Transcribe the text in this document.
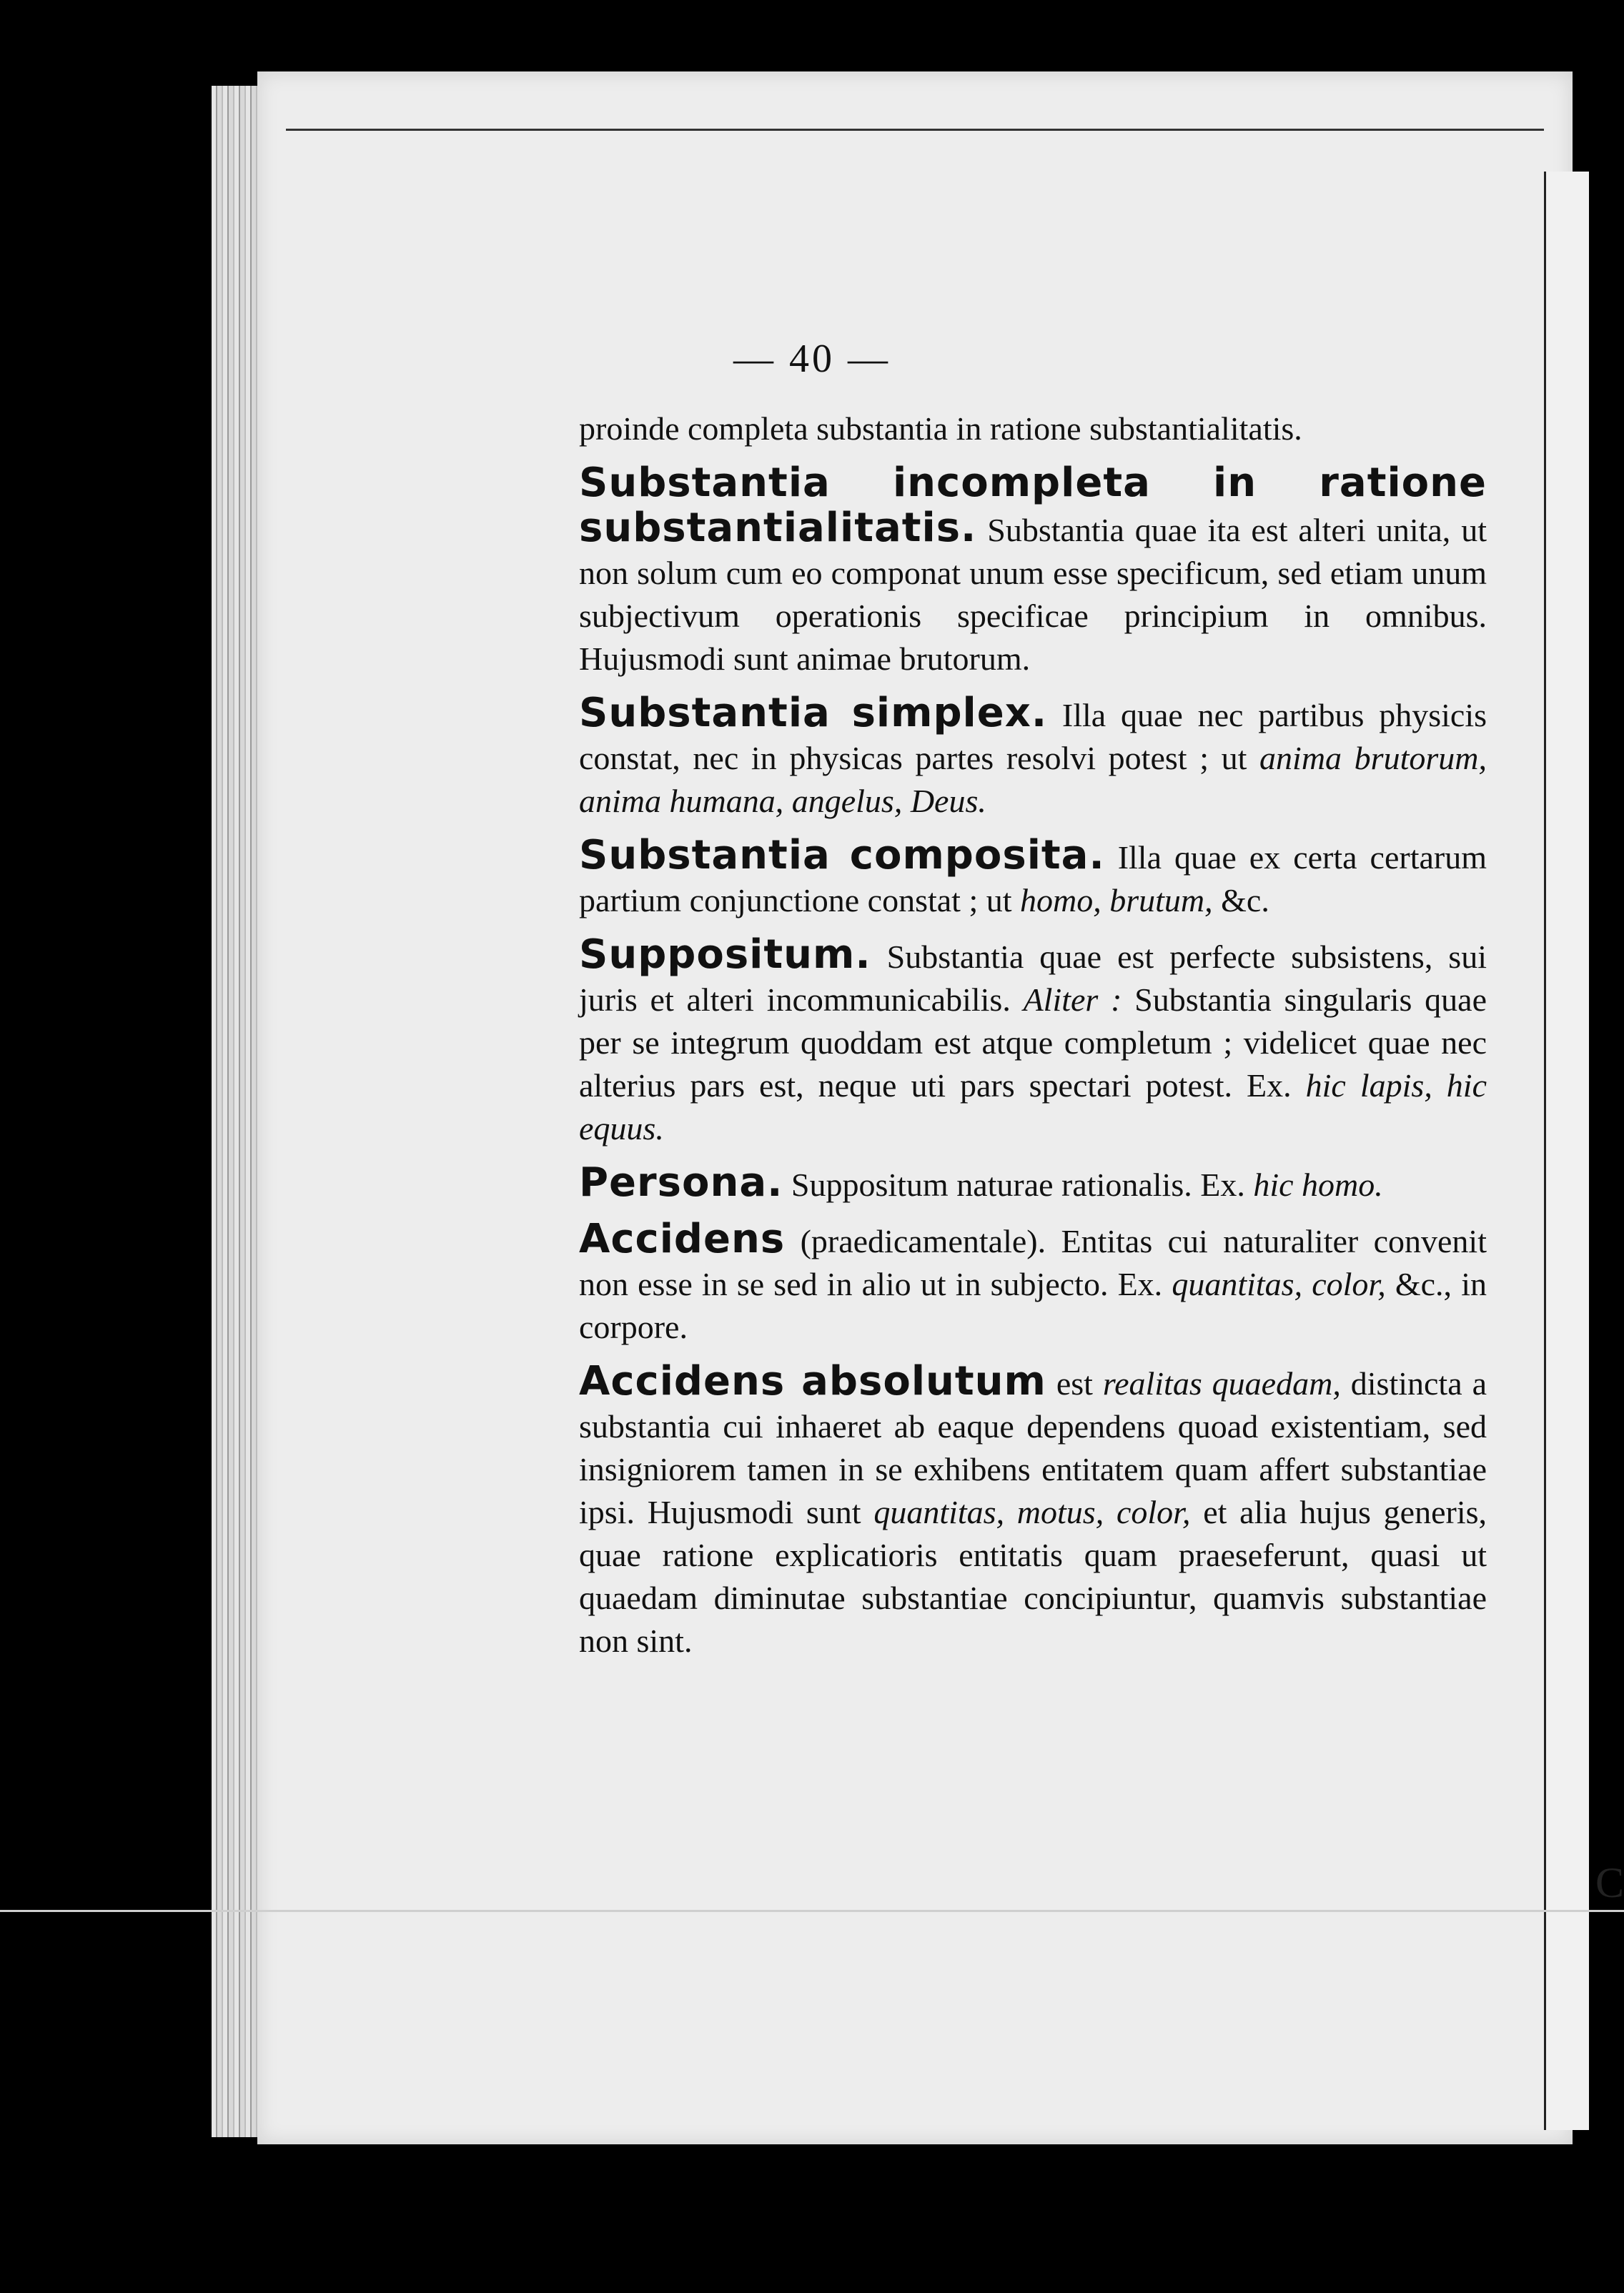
— 40 —

proinde completa substantia in ratione substantialitatis.

Substantia incompleta in ratione substantialitatis. Substantia quae ita est alteri unita, ut non solum cum eo componat unum esse specificum, sed etiam unum subjectivum operationis specificae principium in omnibus. Hujusmodi sunt animae brutorum.

Substantia simplex. Illa quae nec partibus physicis constat, nec in physicas partes resolvi potest ; ut anima brutorum, anima humana, angelus, Deus.

Substantia composita. Illa quae ex certa certarum partium conjunctione constat ; ut homo, brutum, &c.

Suppositum. Substantia quae est perfecte subsistens, sui juris et alteri incommunicabilis. Aliter : Substantia singularis quae per se integrum quoddam est atque completum ; videlicet quae nec alterius pars est, neque uti pars spectari potest. Ex. hic lapis, hic equus.

Persona. Suppositum naturae rationalis. Ex. hic homo.

Accidens (praedicamentale). Entitas cui naturaliter convenit non esse in se sed in alio ut in subjecto. Ex. quantitas, color, &c., in corpore.

Accidens absolutum est realitas quaedam, distincta a substantia cui inhaeret ab eaque dependens quoad existentiam, sed insigniorem tamen in se exhibens entitatem quam affert substantiae ipsi. Hujusmodi sunt quantitas, motus, color, et alia hujus generis, quae ratione explicatioris entitatis quam praeseferunt, quasi ut quaedam diminutae substantiae concipiuntur, quamvis substantiae non sint.

C
